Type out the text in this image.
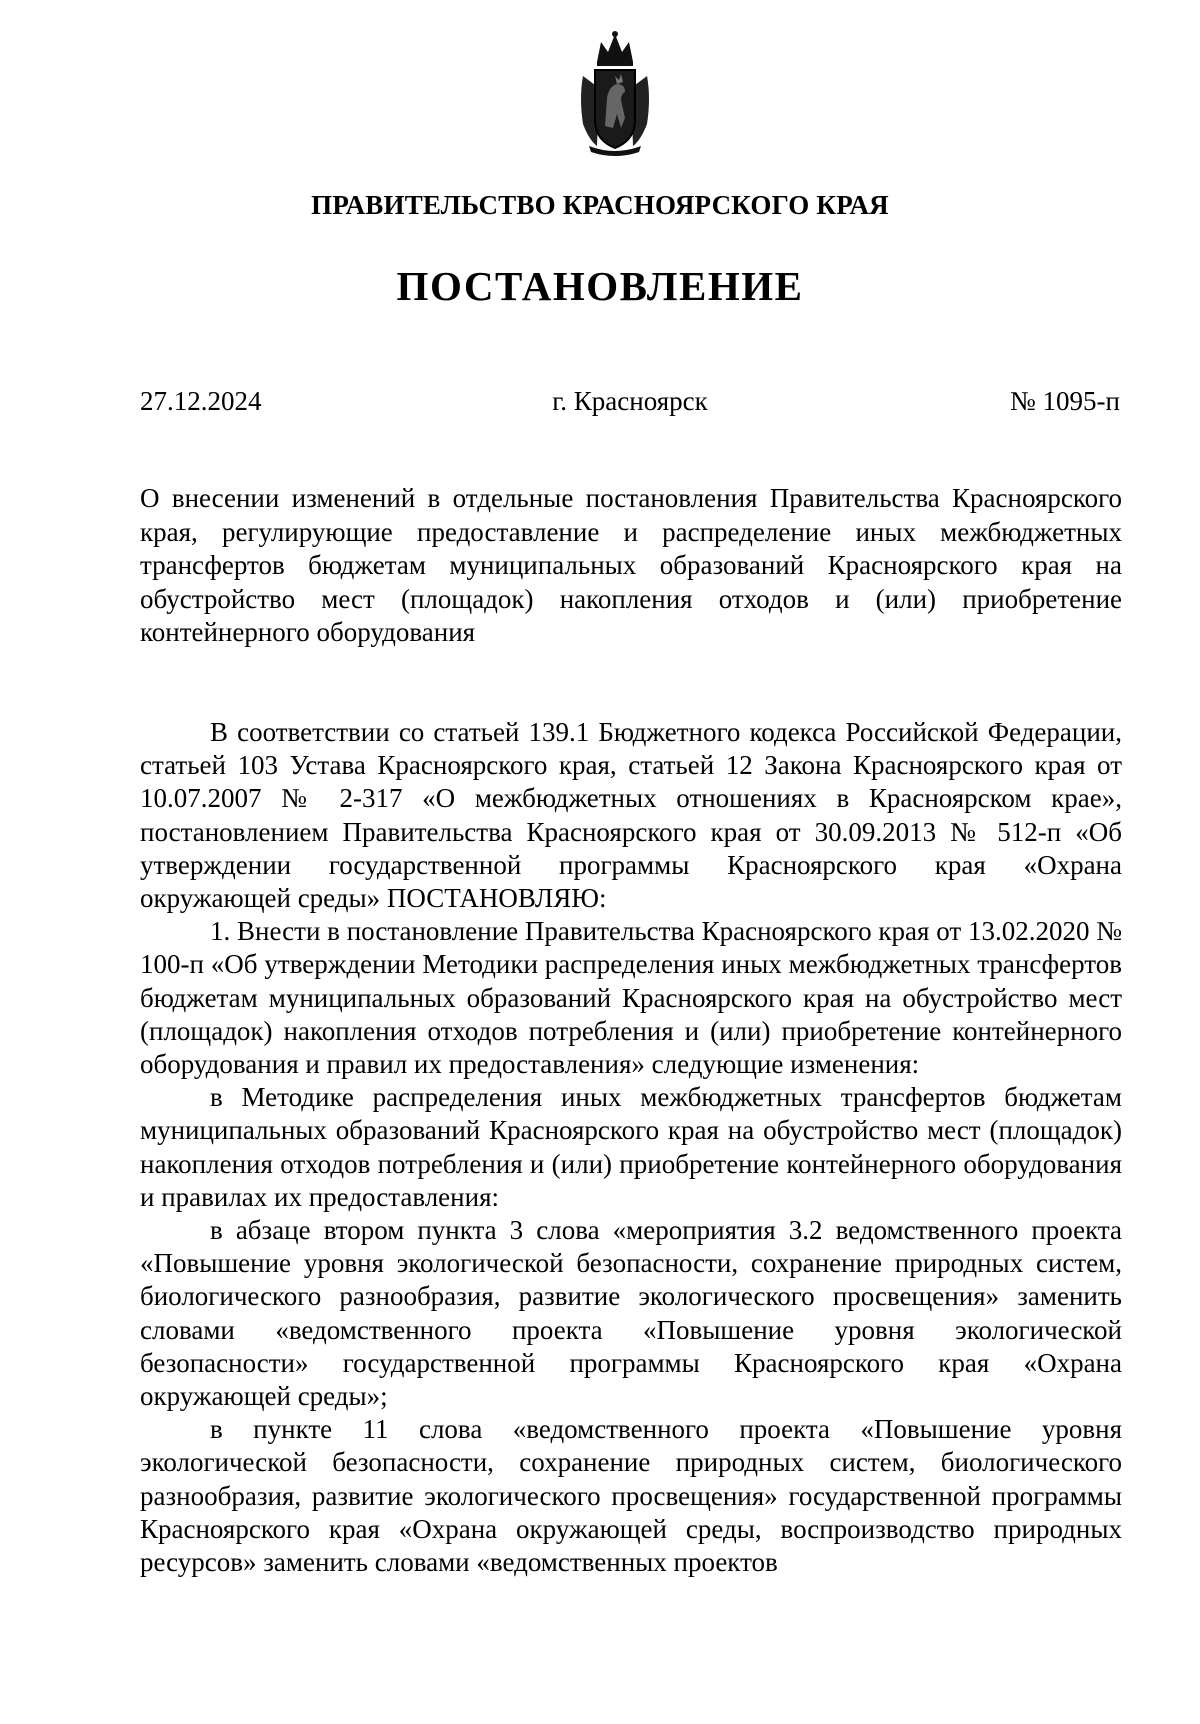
ПРАВИТЕЛЬСТВО КРАСНОЯРСКОГО КРАЯ
ПОСТАНОВЛЕНИЕ
27.12.2024	г. Красноярск	№ 1095-п
О внесении изменений в отдельные постановления Правительства Красноярского края, регулирующие предоставление и распределение иных межбюджетных трансфертов бюджетам муниципальных образований Красноярского края на обустройство мест (площадок) накопления отходов и (или) приобретение контейнерного оборудования

В соответствии со статьей 139.1 Бюджетного кодекса Российской Федерации, статьей 103 Устава Красноярского края, статьей 12 Закона Красноярского края от 10.07.2007 № 2-317 «О межбюджетных отношениях в Красноярском крае», постановлением Правительства Красноярского края от 30.09.2013 № 512-п «Об утверждении государственной программы Красноярского края «Охрана окружающей среды» ПОСТАНОВЛЯЮ:

1. Внести в постановление Правительства Красноярского края от 13.02.2020 № 100-п «Об утверждении Методики распределения иных межбюджетных трансфертов бюджетам муниципальных образований Красноярского края на обустройство мест (площадок) накопления отходов потребления и (или) приобретение контейнерного оборудования и правил их предоставления» следующие изменения:

в Методике распределения иных межбюджетных трансфертов бюджетам муниципальных образований Красноярского края на обустройство мест (площадок) накопления отходов потребления и (или) приобретение контейнерного оборудования и правилах их предоставления:

в абзаце втором пункта 3 слова «мероприятия 3.2 ведомственного проекта «Повышение уровня экологической безопасности, сохранение природных систем, биологического разнообразия, развитие экологического просвещения» заменить словами «ведомственного проекта «Повышение уровня экологической безопасности» государственной программы Красноярского края «Охрана окружающей среды»;

в пункте 11 слова «ведомственного проекта «Повышение уровня экологической безопасности, сохранение природных систем, биологического разнообразия, развитие экологического просвещения» государственной программы Красноярского края «Охрана окружающей среды, воспроизводство природных ресурсов» заменить словами «ведомственных проектов
